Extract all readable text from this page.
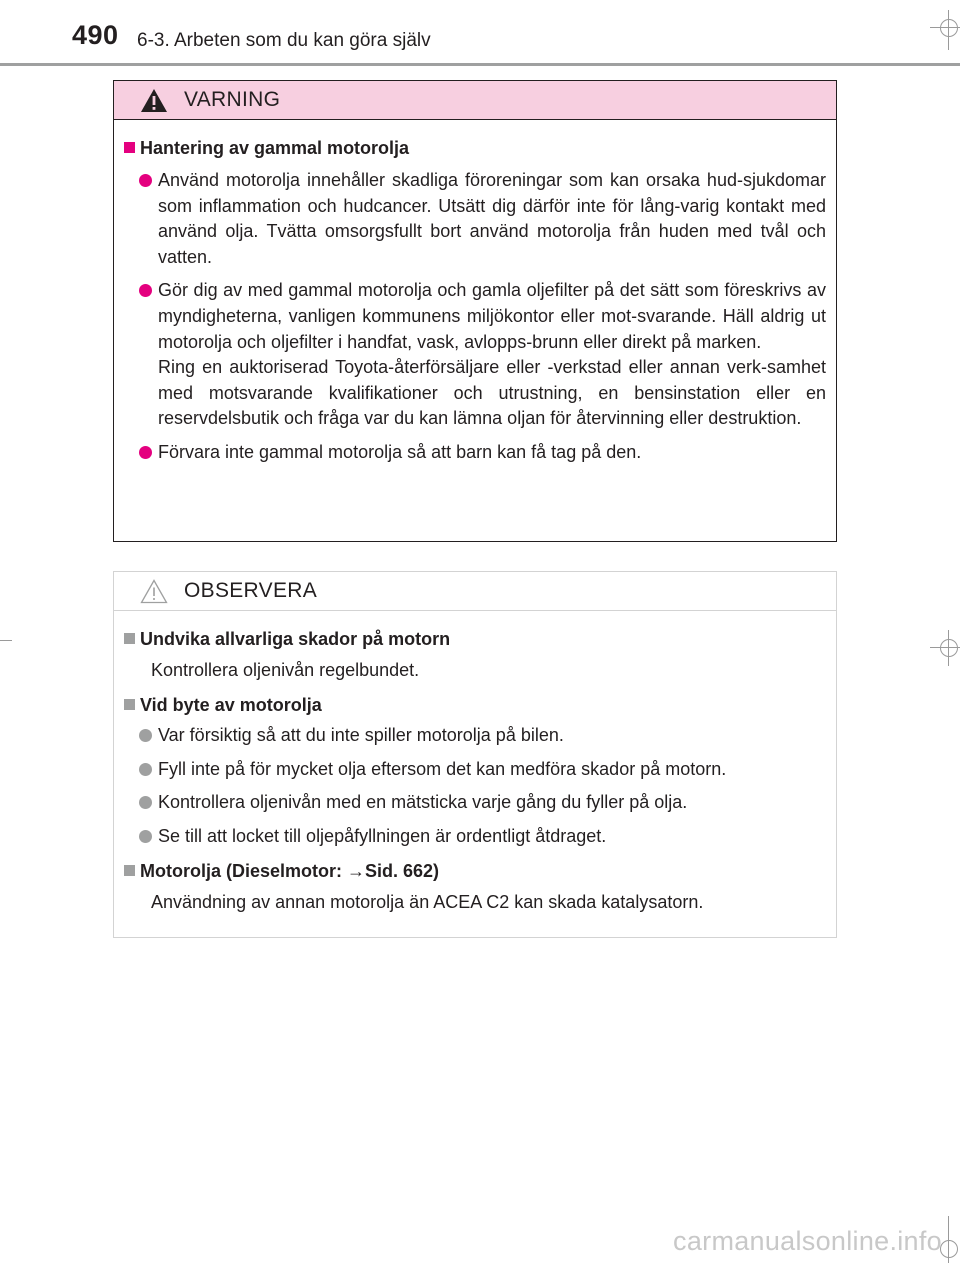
490 6-3. Arbeten som du kan göra själv
VARNING
Hantering av gammal motorolja
Använd motorolja innehåller skadliga föroreningar som kan orsaka hud-sjukdomar som inflammation och hudcancer. Utsätt dig därför inte för lång-varig kontakt med använd olja. Tvätta omsorgsfullt bort använd motorolja från huden med tvål och vatten.
Gör dig av med gammal motorolja och gamla oljefilter på det sätt som föreskrivs av myndigheterna, vanligen kommunens miljökontor eller mot-svarande. Häll aldrig ut motorolja och oljefilter i handfat, vask, avlopps-brunn eller direkt på marken.
Ring en auktoriserad Toyota-återförsäljare eller -verkstad eller annan verk-samhet med motsvarande kvalifikationer och utrustning, en bensinstation eller en reservdelsbutik och fråga var du kan lämna oljan för återvinning eller destruktion.
Förvara inte gammal motorolja så att barn kan få tag på den.
OBSERVERA
Undvika allvarliga skador på motorn
Kontrollera oljenivån regelbundet.
Vid byte av motorolja
Var försiktig så att du inte spiller motorolja på bilen.
Fyll inte på för mycket olja eftersom det kan medföra skador på motorn.
Kontrollera oljenivån med en mätsticka varje gång du fyller på olja.
Se till att locket till oljepåfyllningen är ordentligt åtdraget.
Motorolja (Dieselmotor: →Sid. 662)
Användning av annan motorolja än ACEA C2 kan skada katalysatorn.
carmanualsonline.info
